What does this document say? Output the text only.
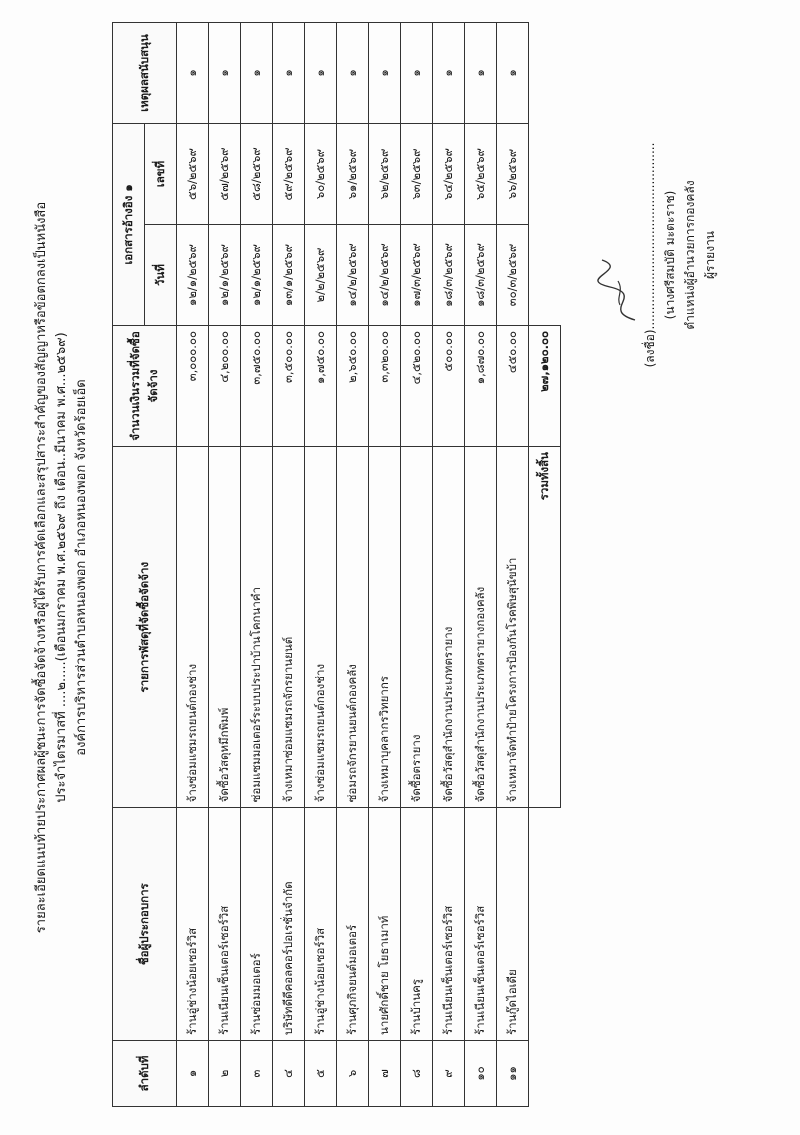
รายละเอียดแนบท้ายประกาศผลผู้ชนะการจัดซื้อจัดจ้างหรือผู้ได้รับการคัดเลือกและสรุปสาระสำคัญของสัญญาหรือข้อตกลงเป็นหนังสือ ประจำไตรมาสที่ ....๒.....(เดือนมกราคม พ.ศ.๒๕๖๙ ถึง เดือน..มีนาคม พ.ศ...๒๕๖๙) องค์การบริหารส่วนตำบลหนองพอก อำเภอหนองพอก จังหวัดร้อยเอ็ด
ลำดับที่	ชื่อผู้ประกอบการ	รายการพัสดุที่จัดซื้อจัดจ้าง	จำนวนเงินรวมที่จัดซื้อจัดจ้าง	เอกสารอ้างอิง ๑		เหตุผลสนับสนุน
				วันที่	เลขที่	
๑	ร้านอู่ช่างน้อยเซอร์วิส	จ้างซ่อมแซมรถยนต์กองช่าง	๓,๐๐๐.๐๐	๑๒/๑/๒๕๖๙	๕๖/๒๕๖๙	๑
๒	ร้านเนียนเซ็นเตอร์เซอร์วิส	จัดซื้อวัสดุหมึกพิมพ์	๔,๒๐๐.๐๐	๑๒/๑/๒๕๖๙	๕๗/๒๕๖๙	๑
๓	ร้านซ่อมมอเตอร์	ซ่อมแซมมอเตอร์ระบบประปาบ้านโคกนาคำ	๓,๗๕๐.๐๐	๑๒/๑/๒๕๖๙	๕๘/๒๕๖๙	๑
๔	บริษัทดีดีคอลคอร์ปอเรชั่นจำกัด	จ้างเหมาซ่อมแซมรถจักรยานยนต์	๓,๕๐๐.๐๐	๑๓/๑/๒๕๖๙	๕๙/๒๕๖๙	๑
๕	ร้านอู่ช่างน้อยเซอร์วิส	จ้างซ่อมแซมรถยนต์กองช่าง	๑,๗๕๐.๐๐	๒/๒/๒๕๖๙	๖๐/๒๕๖๙	๑
๖	ร้านศุภกิจยนต์มอเตอร์	ซ่อมรถจักรยานยนต์กองคลัง	๒,๖๕๐.๐๐	๑๔/๒/๒๕๖๙	๖๑/๒๕๖๙	๑
๗	นายศักดิ์ชาย โยธาเมาท์	จ้างเหมาบุคลากรวิทยากร	๓,๓๒๐.๐๐	๑๔/๒/๒๕๖๙	๖๒/๒๕๖๙	๑
๘	ร้านบ้านครู	จัดซื้อตรายาง	๔,๕๒๐.๐๐	๑๗/๓/๒๕๖๙	๖๓/๒๕๖๙	๑
๙	ร้านเนียนเซ็นเตอร์เซอร์วิส	จัดซื้อวัสดุสำนักงานประเภทตรายาง	๕๐๐.๐๐	๑๘/๓/๒๕๖๙	๖๔/๒๕๖๙	๑
๑๐	ร้านเนียนเซ็นเตอร์เซอร์วิส	จัดซื้อวัสดุสำนักงานประเภทตรายางกองคลัง	๑,๘๗๐.๐๐	๑๘/๓/๒๕๖๙	๖๕/๒๕๖๙	๑
๑๑	ร้านกู๊ดไอเดีย	จ้างเหมาจัดทำป้ายโครงการป้องกันโรคพิษสุนัขบ้า	๔๕๐.๐๐	๓๐/๓/๒๕๖๙	๖๖/๒๕๖๙	๑
		รวมทั้งสิ้น	๒๗,๑๒๐.๐๐				(ลงชื่อ)................................................. (นางศรีสมบัติ มะตะราช) ตำแหน่งผู้อำนวยการกองคลัง ผู้รายงาน
